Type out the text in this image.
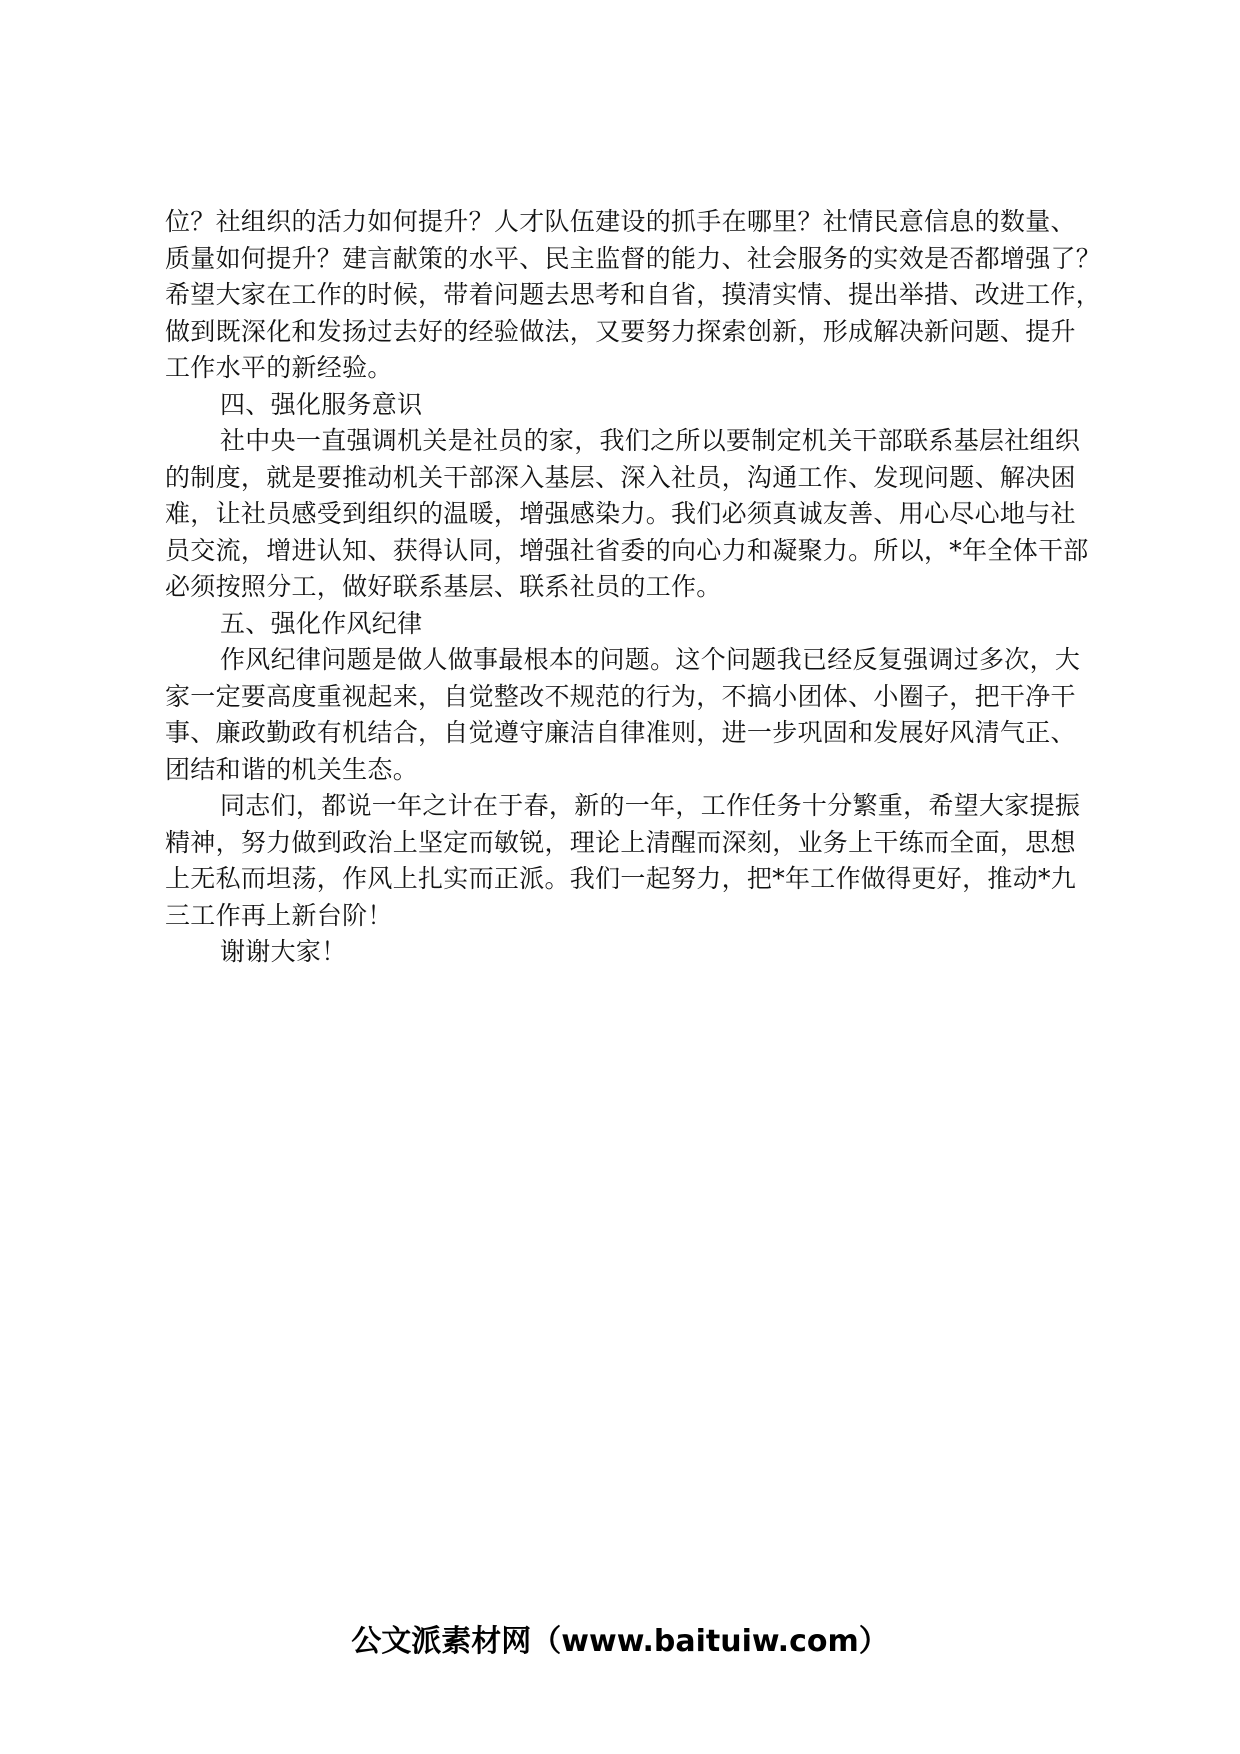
位？社组织的活力如何提升？人才队伍建设的抓手在哪里？社情民意信息的数量、
质量如何提升？建言献策的水平、民主监督的能力、社会服务的实效是否都增强了？
希望大家在工作的时候，带着问题去思考和自省，摸清实情、提出举措、改进工作，
做到既深化和发扬过去好的经验做法，又要努力探索创新，形成解决新问题、提升
工作水平的新经验。
四、强化服务意识
社中央一直强调机关是社员的家，我们之所以要制定机关干部联系基层社组织
的制度，就是要推动机关干部深入基层、深入社员，沟通工作、发现问题、解决困
难，让社员感受到组织的温暖，增强感染力。我们必须真诚友善、用心尽心地与社
员交流，增进认知、获得认同，增强社省委的向心力和凝聚力。所以，*年全体干部
必须按照分工，做好联系基层、联系社员的工作。
五、强化作风纪律
作风纪律问题是做人做事最根本的问题。这个问题我已经反复强调过多次，大
家一定要高度重视起来，自觉整改不规范的行为，不搞小团体、小圈子，把干净干
事、廉政勤政有机结合，自觉遵守廉洁自律准则，进一步巩固和发展好风清气正、
团结和谐的机关生态。
同志们，都说一年之计在于春，新的一年，工作任务十分繁重，希望大家提振
精神，努力做到政治上坚定而敏锐，理论上清醒而深刻，业务上干练而全面，思想
上无私而坦荡，作风上扎实而正派。我们一起努力，把*年工作做得更好，推动*九
三工作再上新台阶！
谢谢大家！
公文派素材网（www.baituiw.com）
